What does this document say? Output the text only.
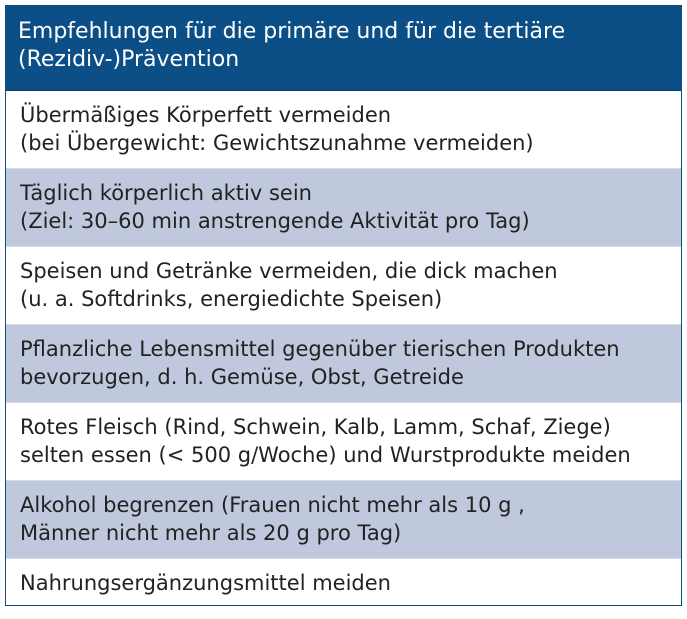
Empfehlungen für die primäre und für die tertiäre
(Rezidiv-)Prävention
Übermäßiges Körperfett vermeiden
(bei Übergewicht: Gewichtszunahme vermeiden)
Täglich körperlich aktiv sein
(Ziel: 30–60 min anstrengende Aktivität pro Tag)
Speisen und Getränke vermeiden, die dick machen
(u. a. Softdrinks, energiedichte Speisen)
Pflanzliche Lebensmittel gegenüber tierischen Produkten
bevorzugen, d. h. Gemüse, Obst, Getreide
Rotes Fleisch (Rind, Schwein, Kalb, Lamm, Schaf, Ziege)
selten essen (< 500 g/Woche) und Wurstprodukte meiden
Alkohol begrenzen (Frauen nicht mehr als 10 g ,
Männer nicht mehr als 20 g pro Tag)
Nahrungsergänzungsmittel meiden
